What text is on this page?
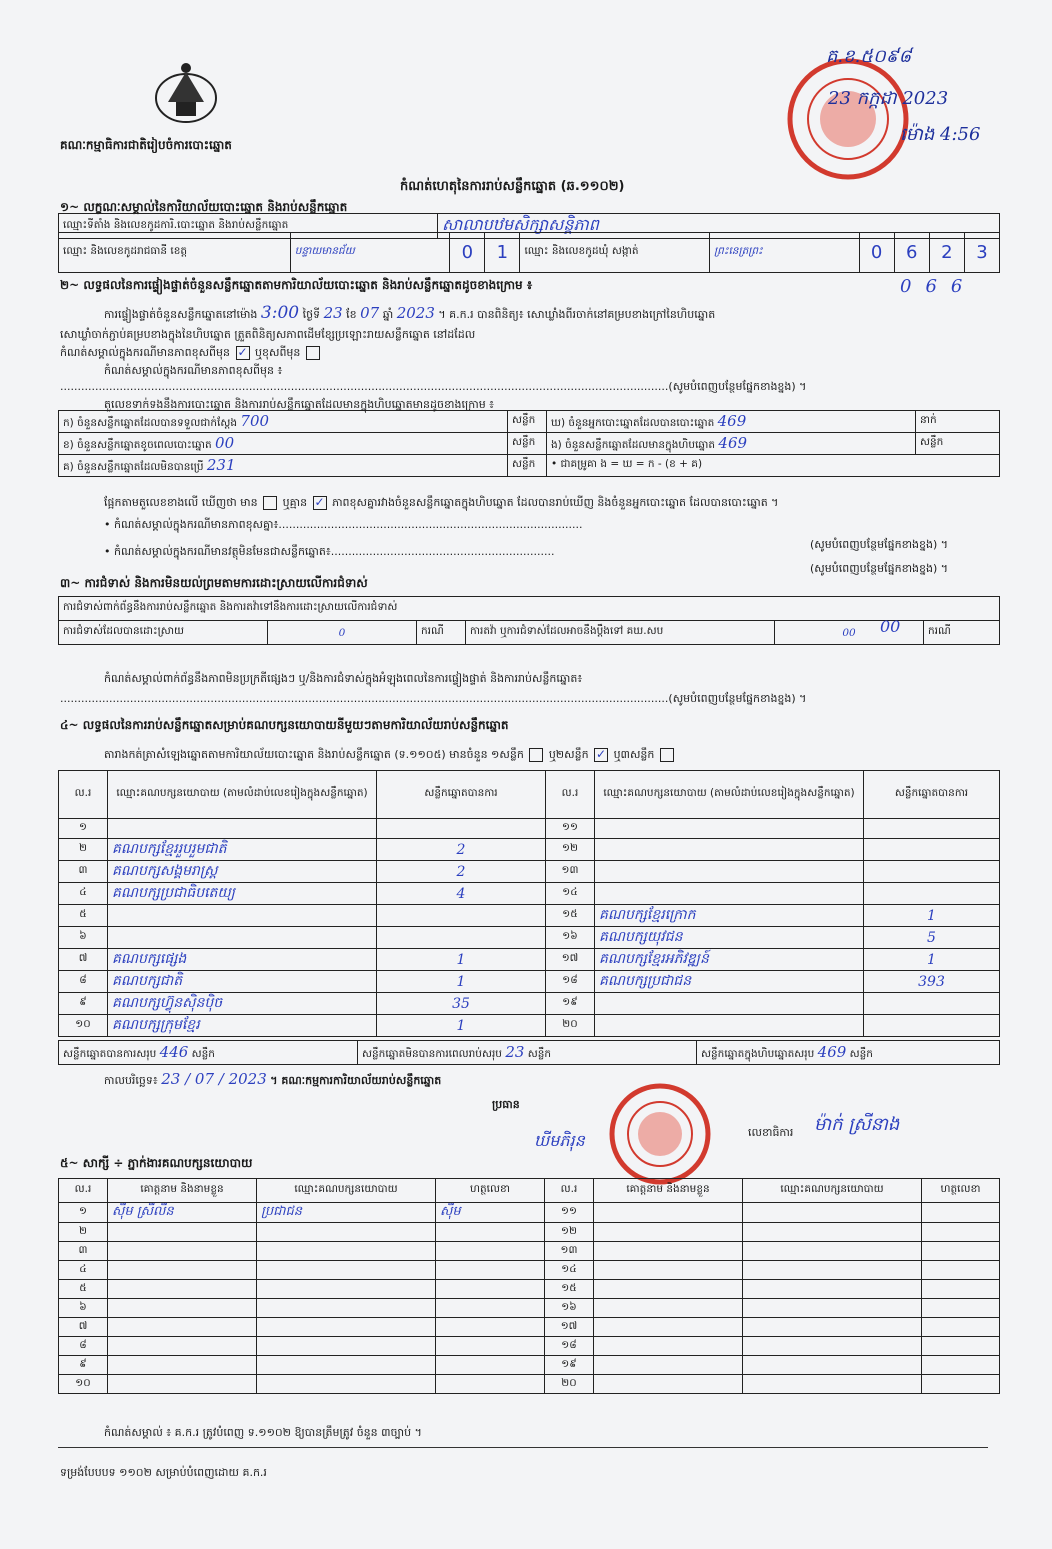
គណៈកម្មាធិការជាតិរៀបចំការបោះឆ្នោត
គ.ខ.៥០៩៨
23 កក្កដា 2023
ម៉ោង 4:56
កំណត់ហេតុនៃការរាប់សន្លឹកឆ្នោត (ឆ.១១០២)
១~ លក្ខណៈសម្គាល់នៃការិយាល័យបោះឆ្នោត និងរាប់សន្លឹកឆ្នោត
ឈ្មោះទីតាំង និងលេខកូដការិ.បោះឆ្នោត និងរាប់សន្លឹកឆ្នោត	សាលាបឋមសិក្សាសន្តិភាព
ឈ្មោះ និងលេខកូដរាជធានី ខេត្ត	បន្ទាយមានជ័យ	0	1	ឈ្មោះ និងលេខកូដឃុំ សង្កាត់	ព្រះនេត្រព្រះ	0	6	2	3
066
២~ លទ្ធផលនៃការផ្ទៀងផ្ទាត់ចំនួនសន្លឹកឆ្នោតតាមការិយាល័យបោះឆ្នោត និងរាប់សន្លឹកឆ្នោតដូចខាងក្រោម ៖
ការផ្ទៀងផ្ទាត់ចំនួនសន្លឹកឆ្នោតនៅម៉ោង 3:00 ថ្ងៃទី 23 ខែ 07 ឆ្នាំ 2023 ។ គ.ក.រ បានពិនិត្យ៖ សោឃ្លាំងពីរចាក់នៅគម្របខាងក្រៅនៃហិបឆ្នោត
សោឃ្លាំចាក់ភ្ជាប់គម្របខាងក្នុងនៃហិបឆ្នោត ត្រួតពិនិត្យសភាពដើមខ្សែប្រឡោះរាយសន្លឹកឆ្នោត នៅដដែល
កំណត់សម្គាល់ក្នុងករណីមានភាពខុសពីមុន ✓ ឬខុសពីមុន
កំណត់សម្គាល់ក្នុងករណីមានភាពខុសពីមុន ៖
..............................................................................................................................................................................(សូមបំពេញបន្ថែមផ្នែកខាងខ្នង) ។
តួលេខទាក់ទងនឹងការបោះឆ្នោត និងការរាប់សន្លឹកឆ្នោតដែលមានក្នុងហិបឆ្នោតមានដូចខាងក្រោម ៖
ក) ចំនួនសន្លឹកឆ្នោតដែលបានទទួលជាក់ស្តែង 700	សន្លឹក	ឃ) ចំនួនអ្នកបោះឆ្នោតដែលបានបោះឆ្នោត 469	នាក់
ខ) ចំនួនសន្លឹកឆ្នោតខូចពេលបោះឆ្នោត 00	សន្លឹក	ង) ចំនួនសន្លឹកឆ្នោតដែលមានក្នុងហិបឆ្នោត 469	សន្លឹក
គ) ចំនួនសន្លឹកឆ្នោតដែលមិនបានប្រើ 231	សន្លឹក	• ជាគម្រូគា ង = ឃ = ក - (ខ + គ)	
ផ្អែកតាមតួលេខខាងលើ ឃើញថា មាន ឬគ្មាន ✓ ភាពខុសគ្នារវាងចំនួនសន្លឹកឆ្នោតក្នុងហិបឆ្នោត ដែលបានរាប់ឃើញ និងចំនួនអ្នកបោះឆ្នោត ដែលបានបោះឆ្នោត ។
• កំណត់សម្គាល់ក្នុងករណីមានភាពខុសគ្នា៖.......................................................................................
(សូមបំពេញបន្ថែមផ្នែកខាងខ្នង) ។
• កំណត់សម្គាល់ក្នុងករណីមានវត្ថុមិនមែនជាសន្លឹកឆ្នោត៖................................................................
(សូមបំពេញបន្ថែមផ្នែកខាងខ្នង) ។
៣~ ការជំទាស់ និងការមិនយល់ព្រមតាមការដោះស្រាយលើការជំទាស់
ការជំទាស់ពាក់ព័ន្ធនឹងការរាប់សន្លឹកឆ្នោត និងការតវ៉ាទៅនឹងការដោះស្រាយលើការជំទាស់
ការជំទាស់ដែលបានដោះស្រាយ	0	ករណី	ការតវ៉ា ឬការជំទាស់ដែលអាចនឹងប្តឹងទៅ គឃ.សប	00	ករណី
00
កំណត់សម្គាល់ពាក់ព័ន្ធនឹងភាពមិនប្រក្រតីផ្សេងៗ ឬ/និងការជំទាស់ក្នុងអំឡុងពេលនៃការផ្ទៀងផ្ទាត់ និងការរាប់សន្លឹកឆ្នោត៖
..............................................................................................................................................................................(សូមបំពេញបន្ថែមផ្នែកខាងខ្នង) ។
៤~ លទ្ធផលនៃការរាប់សន្លឹកឆ្នោតសម្រាប់គណបក្សនយោបាយនីមួយៗតាមការិយាល័យរាប់សន្លឹកឆ្នោត
តារាងកត់ត្រាសំឡេងឆ្នោតតាមការិយាល័យបោះឆ្នោត និងរាប់សន្លឹកឆ្នោត (ទ.១១០៥) មានចំនួន ១សន្លឹក ឬ២សន្លឹក ✓ ឬ៣សន្លឹក
ល.រ	ឈ្មោះគណបក្សនយោបាយ (តាមលំដាប់លេខរៀងក្នុងសន្លឹកឆ្នោត)	សន្លឹកឆ្នោតបានការ	ល.រ	ឈ្មោះគណបក្សនយោបាយ (តាមលំដាប់លេខរៀងក្នុងសន្លឹកឆ្នោត)	សន្លឹកឆ្នោតបានការ
១			១១		
២	គណបក្សខ្មែររួបរួមជាតិ	2	១២		
៣	គណបក្សសង្គមរាស្ត្រ	2	១៣		
៤	គណបក្សប្រជាធិបតេយ្យ	4	១៤		
៥			១៥	គណបក្សខ្មែរក្រោក	1
៦			១៦	គណបក្សយុវជន	5
៧	គណបក្សផ្សេង	1	១៧	គណបក្សខ្មែរអភិវឌ្ឍន៍	1
៨	គណបក្សជាតិ	1	១៨	គណបក្សប្រជាជន	393
៩	គណបក្សហ៊្វុនស៊ិនប៉ិច	35	១៩		
១០	គណបក្សក្រុមខ្មែរ	1	២០		
សន្លឹកឆ្នោតបានការសរុប 446 សន្លឹក	សន្លឹកឆ្នោតមិនបានការពេលរាប់សរុប 23 សន្លឹក	សន្លឹកឆ្នោតក្នុងហិបឆ្នោតសរុប 469 សន្លឹក
កាលបរិច្ឆេទ៖ 23 / 07 / 2023 ។ គណៈកម្មការការិយាល័យរាប់សន្លឹកឆ្នោត
ប្រធាន
លេខាធិការ ម៉ាក់ ស្រីនាង
ឃីមភិរុន
៥~ សាក្សី ÷ ភ្នាក់ងារគណបក្សនយោបាយ
ល.រ	គោត្តនាម និងនាមខ្លួន	ឈ្មោះគណបក្សនយោបាយ	ហត្ថលេខា	ល.រ	គោត្តនាម និងនាមខ្លួន	ឈ្មោះគណបក្សនយោបាយ	ហត្ថលេខា
១	ស៊ីម ស្រីលីន	ប្រជាជន	ស៊ីម	១១			
២				១២			
៣				១៣			
៤				១៤			
៥				១៥			
៦				១៦			
៧				១៧			
៨				១៨			
៩				១៩			
១០				២០			
កំណត់សម្គាល់ ៖ គ.ក.រ ត្រូវបំពេញ ទ.១១០២ ឱ្យបានត្រឹមត្រូវ ចំនួន ៣ច្បាប់ ។
ទម្រង់បែបបទ ១១០២ សម្រាប់បំពេញដោយ គ.ក.រ
